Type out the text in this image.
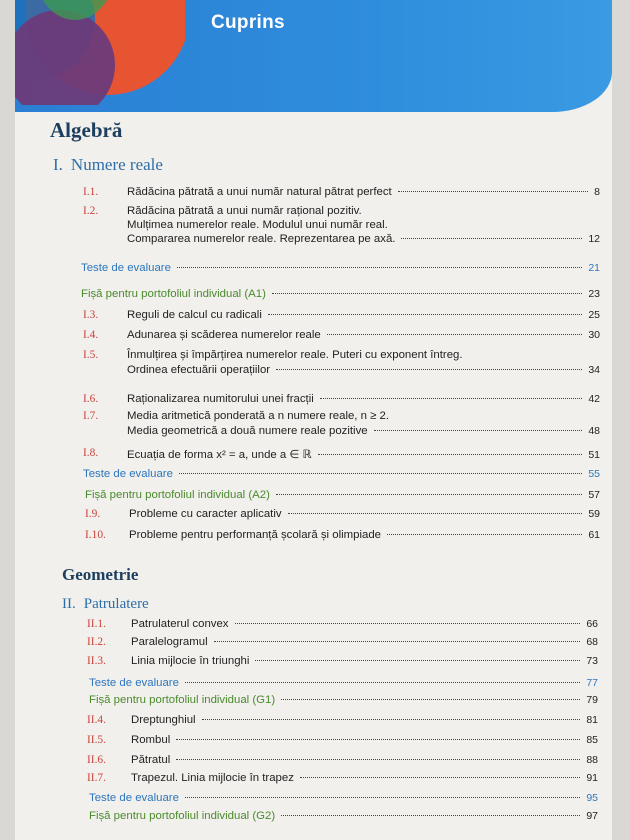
Cuprins
Algebră
I. Numere reale
I.1.	Rădăcina pătrată a unui număr natural pătrat perfect	8
I.2.	Rădăcina pătrată a unui număr rațional pozitiv.
Mulțimea numerelor reale. Modulul unui număr real.
Compararea numerelor reale. Reprezentarea pe axă.	12
Teste de evaluare	21
Fișă pentru portofoliul individual (A1)	23
I.3.	Reguli de calcul cu radicali	25
I.4.	Adunarea și scăderea numerelor reale	30
I.5.	Înmulțirea și împărțirea numerelor reale. Puteri cu exponent întreg.
Ordinea efectuării operațiilor	34
I.6.	Raționalizarea numitorului unei fracții	42
I.7.	Media aritmetică ponderată a n numere reale, n ≥ 2.
Media geometrică a două numere reale pozitive	48
I.8.	Ecuația de forma x² = a, unde a ∈ ℝ	51
Teste de evaluare	55
Fișă pentru portofoliul individual (A2)	57
I.9.	Probleme cu caracter aplicativ	59
I.10. Probleme pentru performanță școlară și olimpiade	61
Geometrie
II. Patrulatere
II.1. Patrulaterul convex	66
II.2. Paralelogramul	68
II.3. Linia mijlocie în triunghi	73
Teste de evaluare	77
Fișă pentru portofoliul individual (G1)	79
II.4. Dreptunghiul	81
II.5. Rombul	85
II.6. Pătratul	88
II.7. Trapezul. Linia mijlocie în trapez	91
Teste de evaluare	95
Fișă pentru portofoliul individual (G2)	97
